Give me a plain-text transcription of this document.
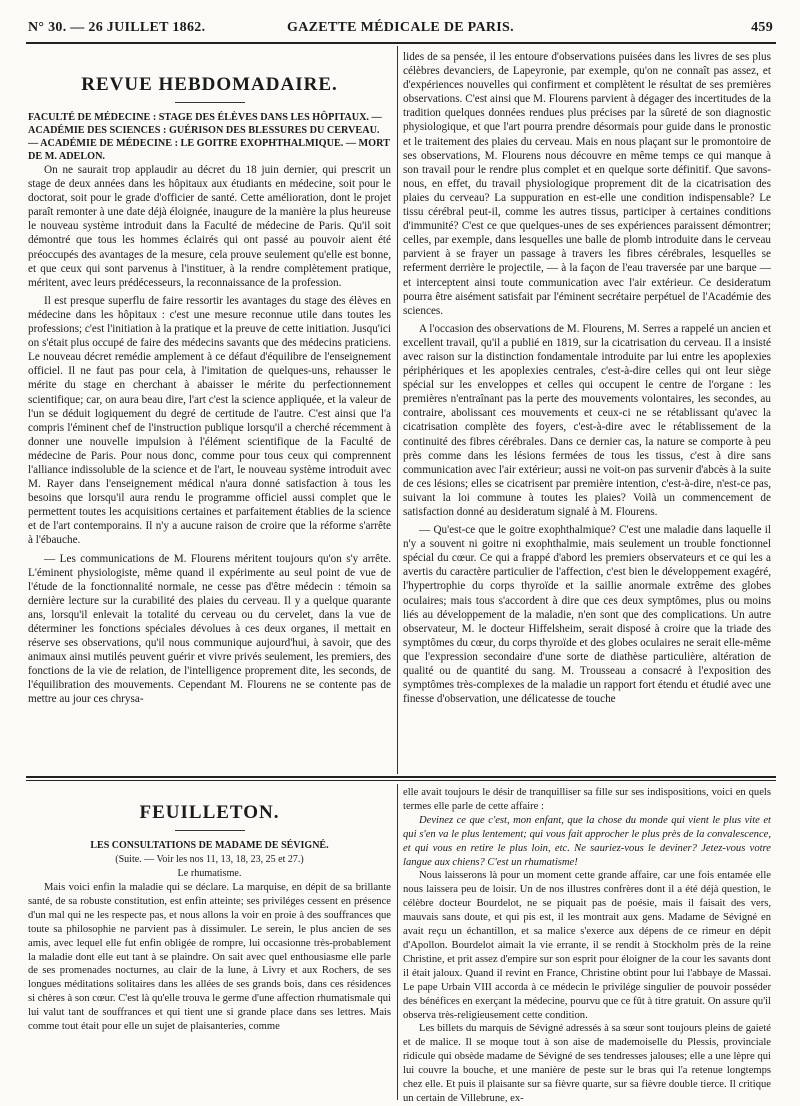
N° 30. — 26 JUILLET 1862.	GAZETTE MÉDICALE DE PARIS.	459
REVUE HEBDOMADAIRE.

FACULTÉ DE MÉDECINE : STAGE DES ÉLÈVES DANS LES HÔPITAUX. — ACADÉMIE DES SCIENCES : GUÉRISON DES BLESSURES DU CERVEAU. — ACADÉMIE DE MÉDECINE : LE GOITRE EXOPHTHALMIQUE. — MORT DE M. ADELON.

On ne saurait trop applaudir au décret du 18 juin dernier, qui prescrit un stage de deux années dans les hôpitaux aux étudiants en médecine, soit pour le doctorat, soit pour le grade d'officier de santé. Cette amélioration, dont le projet paraît remonter à une date déjà éloignée, inaugure de la manière la plus heureuse le nouveau système introduit dans la Faculté de médecine de Paris. Qu'il soit démontré que tous les hommes éclairés qui ont passé au pouvoir aient été préoccupés des avantages de la mesure, cela prouve seulement qu'elle est bonne, et que ceux qui sont parvenus à l'instituer, à la rendre complètement pratique, méritent, avec leurs prédécesseurs, la reconnaissance de la profession.

Il est presque superflu de faire ressortir les avantages du stage des élèves en médecine dans les hôpitaux : c'est une mesure reconnue utile dans toutes les professions; c'est l'initiation à la pratique et la preuve de cette initiation. Jusqu'ici on s'était plus occupé de faire des médecins savants que des médecins praticiens. Le nouveau décret remédie amplement à ce défaut d'équilibre de l'enseignement officiel. Il ne faut pas pour cela, à l'imitation de quelques-uns, rehausser le mérite du stage en cherchant à abaisser le mérite du perfectionnement scientifique; car, on aura beau dire, l'art c'est la science appliquée, et la valeur de l'un se déduit logiquement du degré de certitude de l'autre. C'est ainsi que l'a compris l'éminent chef de l'instruction publique lorsqu'il a cherché récemment à donner une nouvelle impulsion à l'élément scientifique de la Faculté de médecine de Paris. Pour nous donc, comme pour tous ceux qui comprennent l'alliance indissoluble de la science et de l'art, le nouveau système introduit avec M. Rayer dans l'enseignement médical n'aura donné satisfaction à tous les besoins que lorsqu'il aura rendu le programme officiel aussi complet que le permettent toutes les acquisitions certaines et parfaitement établies de la science et de l'art contemporains. Il n'y a aucune raison de croire que la réforme s'arrête à l'ébauche.

— Les communications de M. Flourens méritent toujours qu'on s'y arrête. L'éminent physiologiste, même quand il expérimente au seul point de vue de l'étude de la fonctionnalité normale, ne cesse pas d'être médecin : témoin sa dernière lecture sur la curabilité des plaies du cerveau. Il y a quelque quarante ans, lorsqu'il enlevait la totalité du cerveau ou du cervelet, dans la vue de déterminer les fonctions spéciales dévolues à ces deux organes, il mettait en réserve ses observations, qu'il nous communique aujourd'hui, à savoir, que des animaux ainsi mutilés peuvent guérir et vivre privés seulement, les premiers, des fonctions de la vie de relation, de l'intelligence proprement dite, les seconds, de l'équilibration des mouvements. Cependant M. Flourens ne se contente pas de mettre au jour ces chrysa-

lides de sa pensée, il les entoure d'observations puisées dans les livres de ses plus célèbres devanciers, de Lapeyronie, par exemple, qu'on ne connaît pas assez, et d'expériences nouvelles qui confirment et complètent le résultat de ses premières observations. C'est ainsi que M. Flourens parvient à dégager des incertitudes de la tradition quelques données rendues plus précises par la sûreté de son diagnostic physiologique, et que l'art pourra prendre désormais pour guide dans le pronostic et le traitement des plaies du cerveau. Mais en nous plaçant sur le promontoire de ses observations, M. Flourens nous découvre en même temps ce qui manque à son travail pour le rendre plus complet et en quelque sorte définitif. Que savons-nous, en effet, du travail physiologique proprement dit de la cicatrisation des plaies du cerveau? La suppuration en est-elle une condition indispensable? Le tissu cérébral peut-il, comme les autres tissus, participer à certaines conditions d'immunité? C'est ce que quelques-unes de ses expériences paraissent démontrer; celles, par exemple, dans lesquelles une balle de plomb introduite dans le cerveau parvient à se frayer un passage à travers les fibres cérébrales, lesquelles se referment derrière le projectile, — à la façon de l'eau traversée par une barque — et interceptent ainsi toute communication avec l'air extérieur. Ce desideratum pourra être aisément satisfait par l'éminent secrétaire perpétuel de l'Académie des sciences.

A l'occasion des observations de M. Flourens, M. Serres a rappelé un ancien et excellent travail, qu'il a publié en 1819, sur la cicatrisation du cerveau. Il a insisté avec raison sur la distinction fondamentale introduite par lui entre les apoplexies périphériques et les apoplexies centrales, c'est-à-dire celles qui ont leur siège spécial sur les enveloppes et celles qui occupent le centre de l'organe : les premières n'entraînant pas la perte des mouvements volontaires, les secondes, au contraire, abolissant ces mouvements et ceux-ci ne se rétablissant qu'avec la cicatrisation complète des foyers, c'est-à-dire avec le rétablissement de la continuité des fibres cérébrales. Dans ce dernier cas, la nature se comporte à peu près comme dans les lésions fermées de tous les tissus, c'est à dire sans communication avec l'air extérieur; aussi ne voit-on pas survenir d'abcès à la suite de ces lésions; elles se cicatrisent par première intention, c'est-à-dire, n'est-ce pas, suivant la loi commune à toutes les plaies? Voilà un commencement de satisfaction donné au desideratum signalé à M. Flourens.

— Qu'est-ce que le goitre exophthalmique? C'est une maladie dans laquelle il n'y a souvent ni goitre ni exophthalmie, mais seulement un trouble fonctionnel spécial du cœur. Ce qui a frappé d'abord les premiers observateurs et ce qui les a avertis du caractère particulier de l'affection, c'est bien le développement exagéré, l'hypertrophie du corps thyroïde et la saillie anormale extrême des globes oculaires; mais tous s'accordent à dire que ces deux symptômes, plus ou moins liés au développement de la maladie, n'en sont que des complications. Un autre observateur, M. le docteur Hiffelsheim, serait disposé à croire que la triade des symptômes du cœur, du corps thyroïde et des globes oculaires ne serait elle-même que l'expression secondaire d'une sorte de diathèse particulière, altération de qualité ou de quantité du sang. M. Trousseau a consacré à l'exposition des symptômes très-complexes de la maladie un rapport fort étendu et étudié avec une finesse d'observation, une délicatesse de touche

FEUILLETON.

LES CONSULTATIONS DE MADAME DE SÉVIGNÉ.

(Suite. — Voir les nos 11, 13, 18, 23, 25 et 27.)

Le rhumatisme.

Mais voici enfin la maladie qui se déclare. La marquise, en dépit de sa brillante santé, de sa robuste constitution, est enfin atteinte; ses priviléges cessent en présence d'un mal qui ne les respecte pas, et nous allons la voir en proie à des souffrances que toute sa philosophie ne parvient pas à dissimuler. Le serein, le plus ancien de ses amis, avec lequel elle fut enfin obligée de rompre, lui occasionne très-probablement la maladie dont elle eut tant à se plaindre. On sait avec quel enthousiasme elle parle de ses promenades nocturnes, au clair de la lune, à Livry et aux Rochers, de ses longues méditations solitaires dans les allées de ses grands bois, dans ces résidences si chères à son cœur. C'est là qu'elle trouva le germe d'une affection rhumatismale qui lui valut tant de souffrances et qui tient une si grande place dans ses lettres. Mais comme tout était pour elle un sujet de plaisanteries, comme

elle avait toujours le désir de tranquilliser sa fille sur ses indispositions, voici en quels termes elle parle de cette affaire :

Devinez ce que c'est, mon enfant, que la chose du monde qui vient le plus vite et qui s'en va le plus lentement; qui vous fait approcher le plus près de la convalescence, et qui vous en retire le plus loin, etc. Ne sauriez-vous le deviner? Jetez-vous votre langue aux chiens? C'est un rhumatisme!

Nous laisserons là pour un moment cette grande affaire, car une fois entamée elle nous laissera peu de loisir. Un de nos illustres confrères dont il a été déjà question, le célèbre docteur Bourdelot, ne se piquait pas de poésie, mais il faisait des vers, mauvais sans doute, et qui pis est, il les montrait aux gens. Madame de Sévigné en avait reçu un échantillon, et sa malice s'exerce aux dépens de ce rimeur en dépit d'Apollon. Bourdelot aimait la vie errante, il se rendit à Stockholm près de la reine Christine, et prit assez d'empire sur son esprit pour éloigner de la cour les savants dont il était jaloux. Quand il revint en France, Christine obtint pour lui l'abbaye de Massai. Le pape Urbain VIII accorda à ce médecin le privilége singulier de pouvoir posséder des bénéfices en exerçant la médecine, pourvu que ce fût à titre gratuit. On assure qu'il observa très-religieusement cette condition.

Les billets du marquis de Sévigné adressés à sa sœur sont toujours pleins de gaieté et de malice. Il se moque tout à son aise de mademoiselle du Plessis, provinciale ridicule qui obsède madame de Sévigné de ses tendresses jalouses; elle a une lèpre qui lui couvre la bouche, et une manière de peste sur le bras qui l'a retenue longtemps chez elle. Et puis il plaisante sur sa fièvre quarte, sur sa fièvre double tierce. Il critique un certain de Villebrune, ex-
